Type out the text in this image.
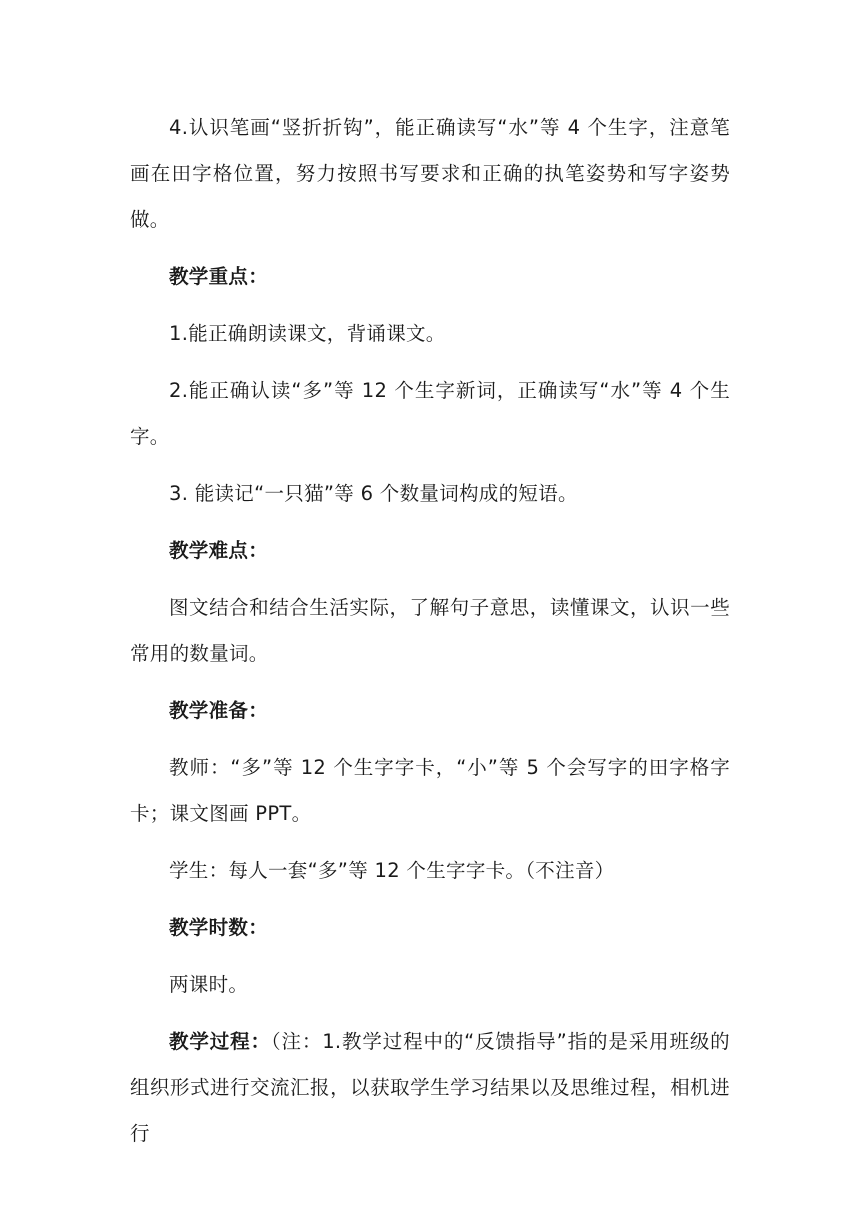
4.认识笔画“竖折折钩”，能正确读写“水”等 4 个生字，注意笔画在田字格位置，努力按照书写要求和正确的执笔姿势和写字姿势做。

教学重点：

1.能正确朗读课文，背诵课文。

2.能正确认读“多”等 12 个生字新词，正确读写“水”等 4 个生字。

3. 能读记“一只猫”等 6 个数量词构成的短语。

教学难点：

图文结合和结合生活实际，了解句子意思，读懂课文，认识一些常用的数量词。

教学准备：

教师：“多”等 12 个生字字卡，“小”等 5 个会写字的田字格字卡；课文图画 PPT。

学生：每人一套“多”等 12 个生字字卡。（不注音）

教学时数：

两课时。

教学过程：（注：1.教学过程中的“反馈指导”指的是采用班级的组织形式进行交流汇报，以获取学生学习结果以及思维过程，相机进行
